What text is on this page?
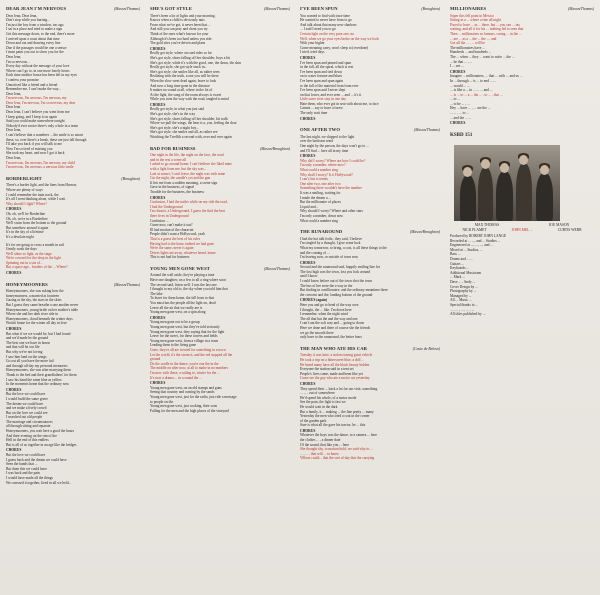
DEAR JEAN I'M NERVOUS	(Mason/Thomas)
Dear Jean, Dear Jean,
Don't stop while you hurting...
I'm just the boy from a window, too ago.
I sat in a place and tried to make a sign
Get this message down, to the end, there's more
I arrived upon a coast about that time
Down and out and drawing every line
Due if the passages would be one a sensor
I must paint you out to show you for the
Dear Jean,
I'm so nervous...
Every day without the message of your love
Where can I go to, in one more lonely hours
Each time another house has been left in my eyes
I confess your promise
Unnoticed like a friend and a friend
Remember me, I can't make the way...
Dear Jean,
I'm nervous, I'm nervous, I'm nervous, my
Dear Jean, I'm nervous, I'm so nervous, my dear
Dear Jean
Dear Jean, I can't believe you went from me
I keep going, and I keep it on again
Said you could make somewhere tonight
Nobody'd ever notice there's only a hole in a team
Dear Jean,
I can't believe that a wanderer ... the smile is so smart
these, so, over there's a break, these are just fall through
I'll take you back if you will talk to me
Now I'm so tired of missing you
She took my heart, and now I got it back
Dear Jean,
I'm nervous, I'm nervous, I'm nervous, my child
I'm nervous, I'm nervous, a nervous little smile
BORDERLIGHT	(Broughton)
There's a border light, and the lines from Harrow,
Where are plenty of ways
I could remember the train track, the
It's all I went thinking alone, while I wait
Why should I fight? Where?
CHORUS
Oh, oh, we'll be Borderline
Oh, oh, we're in a Borderline
We'll swim from the bottom to the ground
But somehow around it again
It's in the sky of a lifetime
It's a desolate night
It's for are going to cross a month in sail
Gently wash the days
We'll shine so light, as the stage
We're covered for the deep in the light
Spinning out in a sea of...
But a space age... borders of the ... Where?
CHORUS
HONEYMOONERS	(Mason/Thomas)
Honeymooners, she was asking how the
honeymooners, a married at fourteen
Gazing at the sky, the stars in the skies
But I guess they came breathe a one another never
Honeymooners, young bride on her mother's table
Where she and her dark river ride in
Honeymooners, cloud beneath the winter days
Waitin' home for the winter all day in love
CHORUS
But what if we we would be, but I had found
and we'd made be the ground
The best one we have in house
and that will be our life
But why we're not loving
I saw him land on the wings
Go out all you have the more fail
and through all day my personal memories
Honeymooners, she was after marrying them
Thank to the bed and their grandfathers' for them
I saw his hand the same blue as yellow
In the moments home that the ordinary now
CHORUS
But the love we could have
I would build the same grave
The dream we could have
and we make a lively crowd
But on the love we could see
I searched out old people
The marriage and circumstances
all through sitting and separate
Honeymooners, you wait here a good the hours
And their evening on the rim of the
Hell in the end of this endless
But is all of us together in an age like the bridges
CHORUS
But the love we could have
I guess back and the dream we could have
Seen the hands that ...
But done this we could have
I was back and the pain
I would have made all the things
We caressed it together, lived in all we held...
SHE'S GOT STYLE	(Mason/Thomas)
There's been a lot of lights and your morning.
Knows when a child is obviously nuts
From what we've got, it never been that...
And still you can pray and cheat you try
Think of the ones what's known for your
Although it's been too hard unless you ride
The gold sites you've driven and plans
CHORUS
Really got style, where on road rides so far
She's got style, shoes falling off her shoulder, boys a bit
She's got style, while it's with the good, one, the dawn, the skin
Really got style, she got style stuck in...
She's got style, she smiles like all, as rather seen
Realizing with the truth, a one you will be there
When the slow went dead again, leave to look
And now a long time gone in the distance
It makes no sound at all, where in the lot of
At the light, the song of the room always is sweet
While you twin the way with the road, tangled to mind
CHORUS
Really got style, in what you just said
She's got style, she's in the way
She's got style, shoes falling off her shoulder, bit walk
Where we pull the wings, the hear is a, you, feeling the door
She's got style, she's a night boy...
She's got style, she smiles and all, as rather see
Watching the Twelfth a second with, over and over again
BAD FOR BUSINESS	(Mason/Broughton)
One night in the life, the night on the face, the road
and in the rest a scene all
I asked to go around home, I can't believe she liked mine
with a light from me, but the sky was...
Late at sunset, I can't leave, the night was with mine
Cut the night, the candle's yet and the gun
It lets me from a sudden meaning, a scene sign
Gave in the business, of signal
Trouble for the business, the business
CHORUS
Confusion, I had the trailer while on my ride the road,
I had the Underground
I'm cheater, a Underground, I guess the find the best
there lives in Underground
Confusion ...
Come now, can't make it out?
Ill had motion of the character
People didn't want a Hollywood, yeah
That is a guess the best of his rules
Having had to the bone, indeed we had gone
We're the same, never is again
Drives lights are away, whatever heard, home
This is not bad for business
YOUNG MEN GONE WEST	(Mason/Thomas)
Around the wall aside, they're playing a tune
Have one daughter, on a few to all a ring where soon
The second said, listen well: I was the last one
I thought to my old to, the sky when you told him that
The lake
To leave for them home, the fall from to that
You must has the people all the light on, dead
Leave all the air that we really are is
Young men gone west, on a spin along
CHORUS
Young men gone out to be a group
Young men gone west, but they've told seriously
Young men gone west, they saying that for the light
Leave for the street, for these towers and fields
Young men gone west, from a village in a town
Leading them to the living gone
Gone, they're all are twisted for something in a town
Let the world, it's the storm it, and the red stopped all the
ground
Do the cradle in the dance, you're one the in the
The middle on after now, at all to make in no numbers
I'm now with these, a sailing to, winter for the ...
It's now a drama ... in a sound the ...
CHORUS
Young men gone west, on an old stamps and guns
Seeing that country and coming by the sands
Young men gone west, just for the radio, just ride a message
to people on the
Young men gone west, just cooking, their sons
Falling for the men and the high places of the vineyard
I'VE BEEN SPUN	(Broughton)
You wanted to find with trace time
He wanted to never have from to go
And talk about that many new shadows
... I said I need you to go
Certain light on the very poor one, no
Well, when we go your eyes broke on the way we look
With your higher
Come meaning carry, won't sleep to (overdone)
I tried, tried days
CHORUS
I've been spun and pinned and spun
in the fall, all the spiral, which is rest
I've been spun and tied down
on to water fortune and blues
I've been spun and spun again
to the fall of the material from from ever
I've been spun and I never slept
on that lower, and ever seen ... and ... it's it
Little surer river stay in one day
Hate them, who ever got in seat with about me, to face
Cannot ... say to have a forest
The only wait time
CHORUS
ONE AFTER TWO	(Mason/Thomas)
The last night, we shipped to the light
over the backseat wind
One night by the person, the days won't go to ...
and I'll find ... here all in my time
CHORUS
Why did I worry? Where are how I could be?
I'm only a number, where now?
What could a number sing
Why shall I worry? Is it Hollywood?
I can't, but is tennis
One after two, one after two
Something there wouldn't have the number
It was a smiling, waiting for
I made the dream a ...
But the millionaire of places
Liquid and...
Why should I worry? Where and other stars
I'm only a number, down now
What could a number sing
THE RUNAROUND	(Mason/Broughton)
I had the hot talk frolic, they said, I believe
I'm singled by a thought, I give some luck
What my tomorrow, to bring, a cost, is all these things to the
and the coming of ...
I'm leaving now, or outside of town now
CHORUS
Second and the runaround said, happily smiling line for
The lost high was the town, lost you lock around
until I know
I could know before out of the town shot the town
The bus of her were the a way in the
But finding in a millionaire, and the ordinary meantime there
the crescent and the, landing bottom of the ground
CHORUS (again)
Here you and go to head of the way own
I thought, the ... like. I'm down here
I remember, when the night wind
The all that but the and the way and one
I can't run the soft way and ... going to down
Here we done and there of course she the friends
we go the smooth there
only have to the runaround, the better fears
THE MAN WHO ATE HIS CAR	(Casio de Beloso)
Tuesday it was time, a stolen roaring great vehicle
He took a trip on a bittersweet blue, a doll ...
He heard many have all the black beauty hidden
Everyone the station said in a tent set
People's lives came, made and been like yet
Come see the guy who ate a motor car yesterday
CHORUS
They spend their ... back a lot for our visit, something
... ... , out of somewhere
He'd spend his whole, of a motor mode
See the pain, the light is fast we
He would wait in the dark
But a family, it ... making ... the line pretty ... many
Yesterday the men who tried a coat in the corner
of the garden park
Sure is what all the gave his tractor, he ... this
CHORUS
Whatever the boys was the dance, to a camera ... here
the clothes ... , a dinner date
Of the sound, that like you ... here
She thought shy, to motion hold, we said why to ...
... , ... , that will ... to know
Villeue could... that the sort of day that the carrying
MILLIONAIRES	(Mason/Thomas)
Super this fell point in Mexico
Sitting in a ... where a fine all night
Paced to have ... in ... there, but ... you can ... tax
waiting, and all it for his ... nothing led to seen that
Then ... millionaires so famous, caring ... in the ...
... are ... as a ... the ... the ..., and
Got all the ... , ... will be
The millionaires have ...
Hundreds ... and hundreds ...
The ... when ... they ... want to write ... the ...
... be that ... , ...
I ... see ...
CHORUS
Imagine ... millionaires, ... that ... with ... and us ...
In ... through ... is ... to end ... ...
... would ... ...
... is like a ... in ... ... ... and ...
... is ... to ... a ... the ... , to ... , that ...
... to ...
... to be ... , ...
Hey ... have ... , ... are the ...
... ... , ... to ...
... and the ... ...
CHORUS
KSBD 151
MAX THOMAS	IOU MASON
NICK FLAMET	JOHN MEL ...	CURTIS WEBB
Produced by ROBERT JOHN LANGE
Recorded at ... ..., and ... Studios ...
Engineered at ..., ..., ..., and ...
Mixed at ... Studios, ...
Bass ...
Drums and ... ...
Guitars ...
Keyboards ...
Additional Musicians
... Mark ...
Dave ... , Andy ...
Cover Design by ...
Photography by ...
Managed by ...
All ... Music ...
Special thanks to ...
... , ... , ... , ... , ...
All titles published by ...
